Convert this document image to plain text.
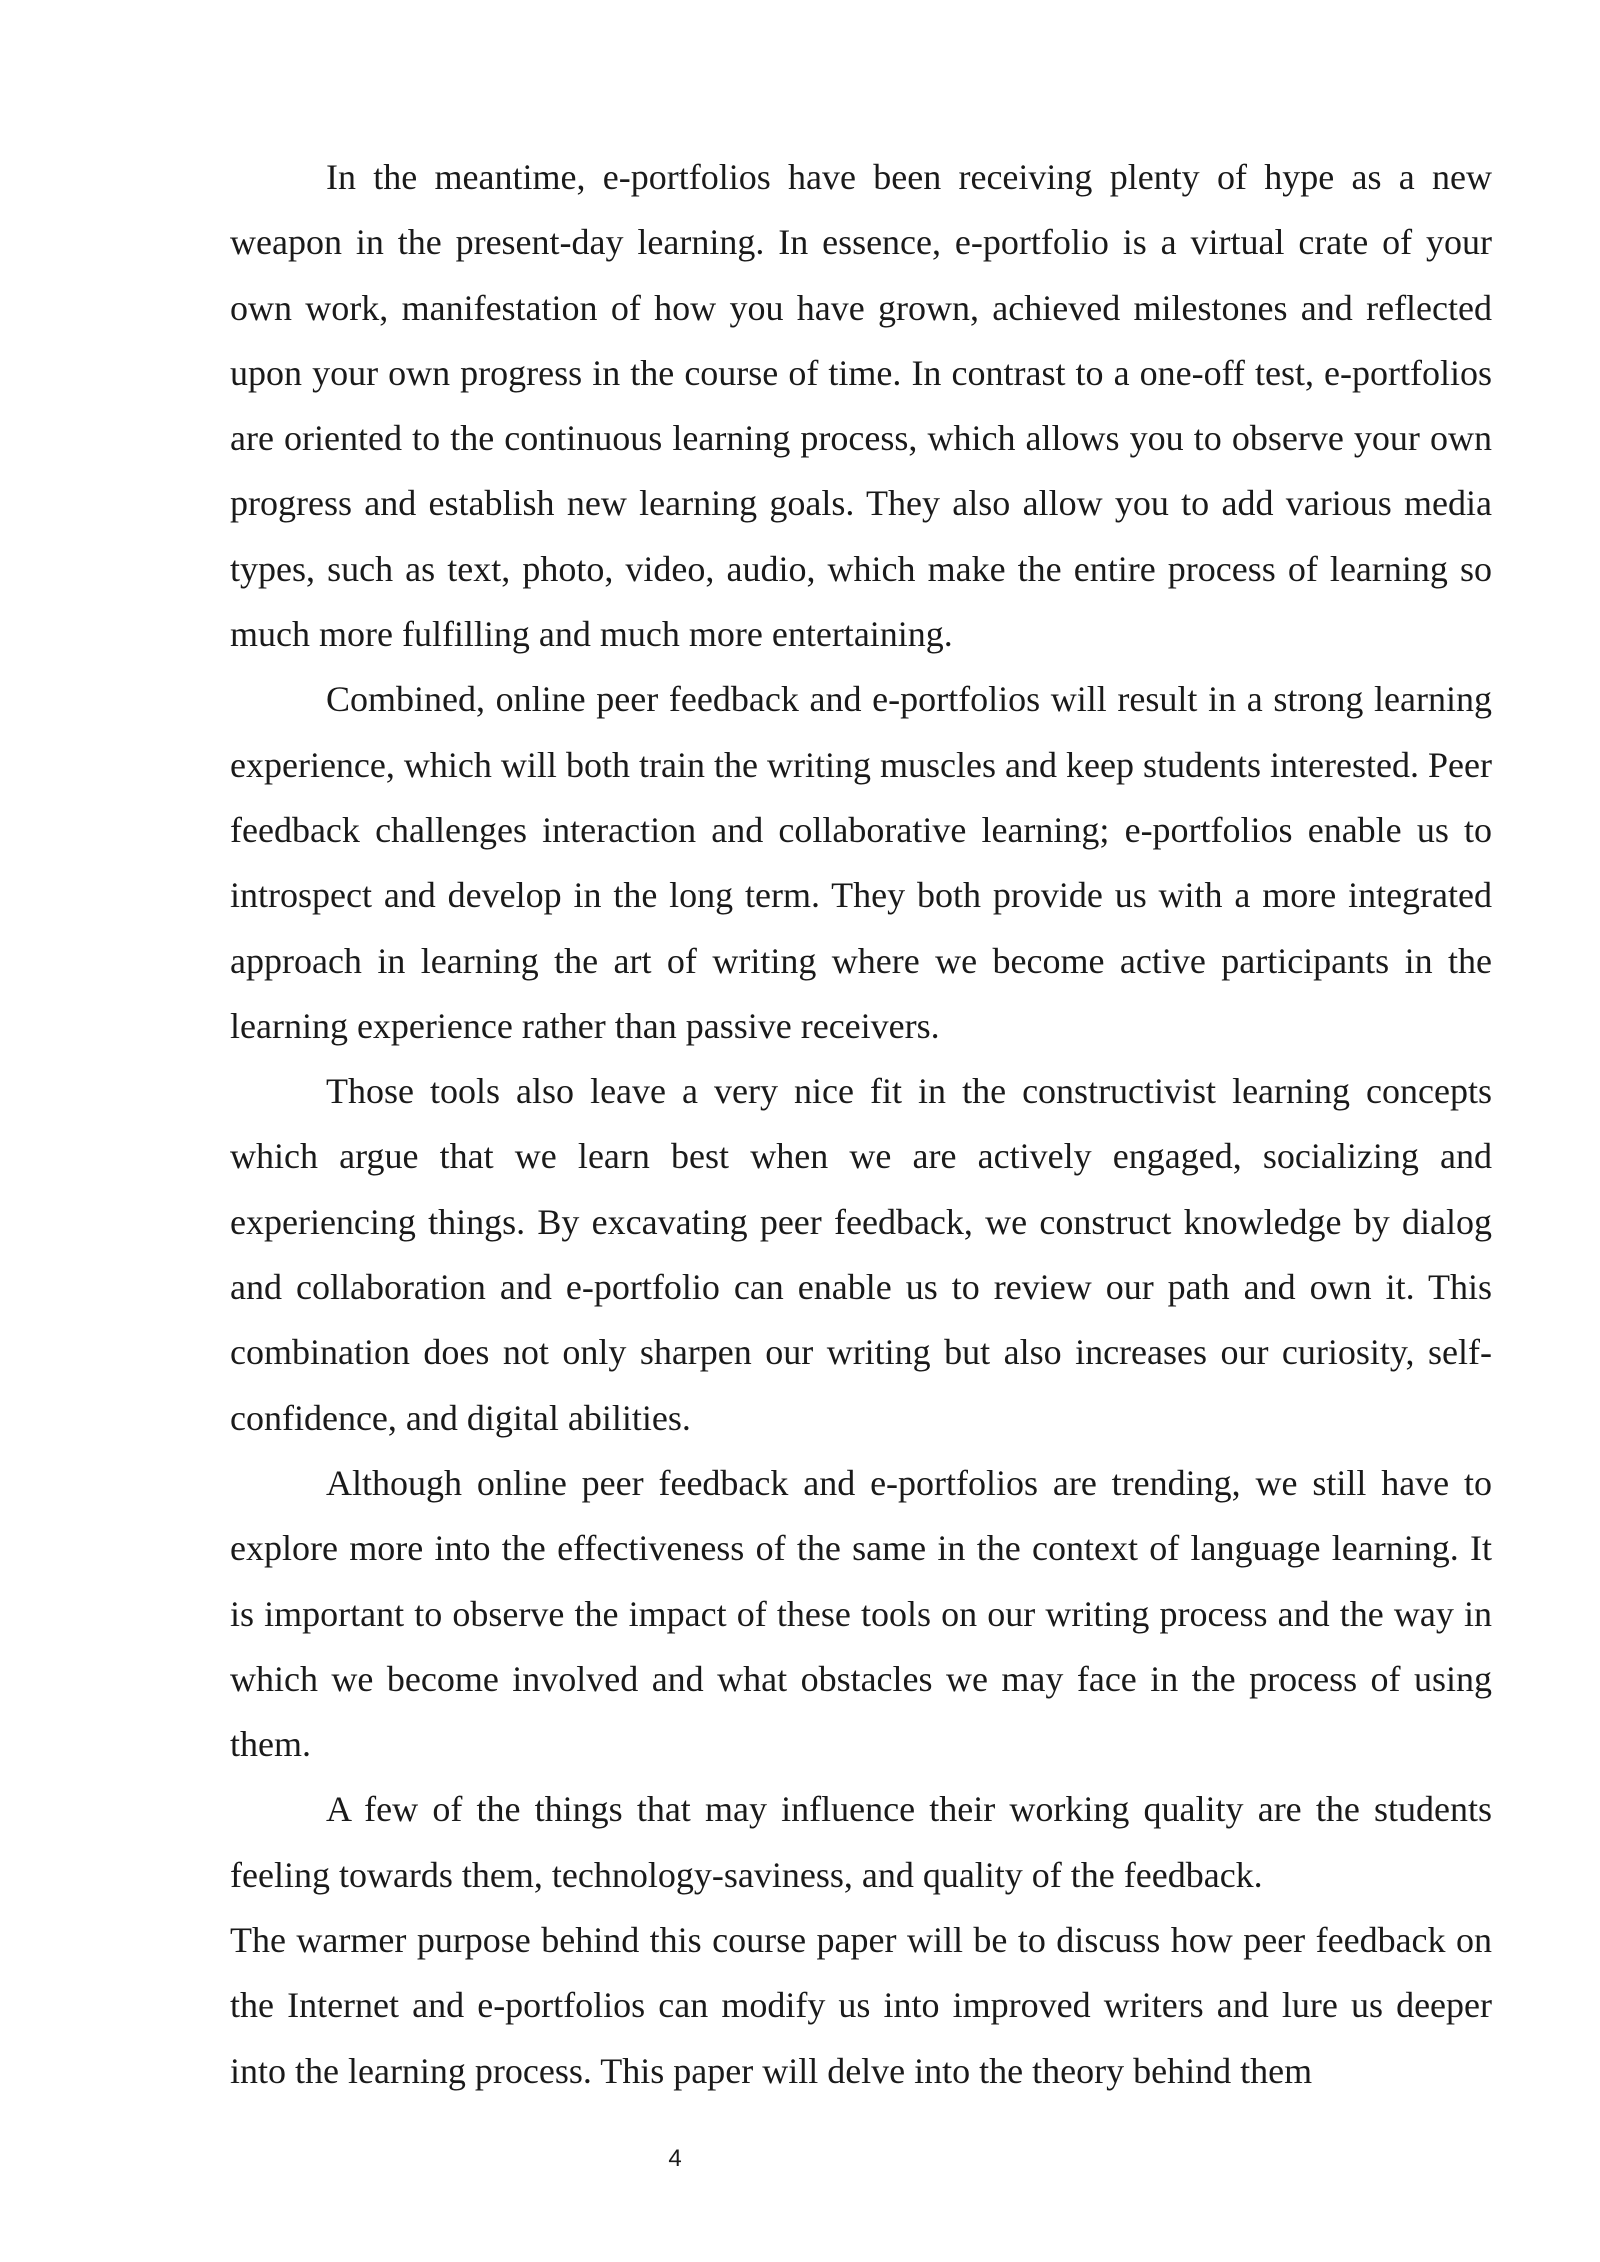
In the meantime, e-portfolios have been receiving plenty of hype as a new weapon in the present-day learning. In essence, e-portfolio is a virtual crate of your own work, manifestation of how you have grown, achieved milestones and reflected upon your own progress in the course of time. In contrast to a one-off test, e-portfolios are oriented to the continuous learning process, which allows you to observe your own progress and establish new learning goals. They also allow you to add various media types, such as text, photo, video, audio, which make the entire process of learning so much more fulfilling and much more entertaining.

Combined, online peer feedback and e-portfolios will result in a strong learning experience, which will both train the writing muscles and keep students interested. Peer feedback challenges interaction and collaborative learning; e-portfolios enable us to introspect and develop in the long term. They both provide us with a more integrated approach in learning the art of writing where we become active participants in the learning experience rather than passive receivers.

Those tools also leave a very nice fit in the constructivist learning concepts which argue that we learn best when we are actively engaged, socializing and experiencing things. By excavating peer feedback, we construct knowledge by dialog and collaboration and e-portfolio can enable us to review our path and own it. This combination does not only sharpen our writing but also increases our curiosity, self-confidence, and digital abilities.

Although online peer feedback and e-portfolios are trending, we still have to explore more into the effectiveness of the same in the context of language learning. It is important to observe the impact of these tools on our writing process and the way in which we become involved and what obstacles we may face in the process of using them.

A few of the things that may influence their working quality are the students feeling towards them, technology-saviness, and quality of the feedback.

The warmer purpose behind this course paper will be to discuss how peer feedback on the Internet and e-portfolios can modify us into improved writers and lure us deeper into the learning process. This paper will delve into the theory behind them

4
